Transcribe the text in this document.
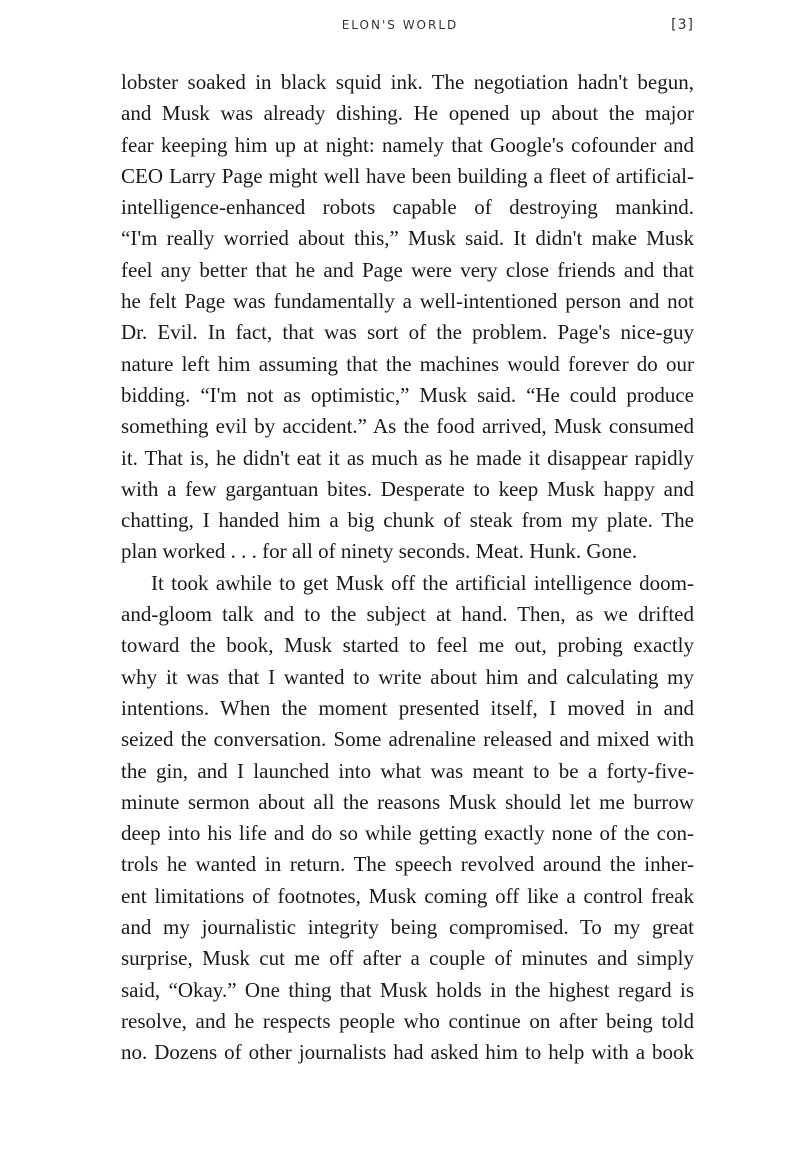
ELON'S WORLD	[3]
lobster soaked in black squid ink. The negotiation hadn't begun,
and Musk was already dishing. He opened up about the major
fear keeping him up at night: namely that Google's cofounder and
CEO Larry Page might well have been building a fleet of artificial-
intelligence-enhanced robots capable of destroying mankind.
“I'm really worried about this,” Musk said. It didn't make Musk
feel any better that he and Page were very close friends and that
he felt Page was fundamentally a well-intentioned person and not
Dr. Evil. In fact, that was sort of the problem. Page's nice-guy
nature left him assuming that the machines would forever do our
bidding. “I'm not as optimistic,” Musk said. “He could produce
something evil by accident.” As the food arrived, Musk consumed
it. That is, he didn't eat it as much as he made it disappear rapidly
with a few gargantuan bites. Desperate to keep Musk happy and
chatting, I handed him a big chunk of steak from my plate. The
plan worked . . . for all of ninety seconds. Meat. Hunk. Gone.
It took awhile to get Musk off the artificial intelligence doom-
and-gloom talk and to the subject at hand. Then, as we drifted
toward the book, Musk started to feel me out, probing exactly
why it was that I wanted to write about him and calculating my
intentions. When the moment presented itself, I moved in and
seized the conversation. Some adrenaline released and mixed with
the gin, and I launched into what was meant to be a forty-five-
minute sermon about all the reasons Musk should let me burrow
deep into his life and do so while getting exactly none of the con-
trols he wanted in return. The speech revolved around the inher-
ent limitations of footnotes, Musk coming off like a control freak
and my journalistic integrity being compromised. To my great
surprise, Musk cut me off after a couple of minutes and simply
said, “Okay.” One thing that Musk holds in the highest regard is
resolve, and he respects people who continue on after being told
no. Dozens of other journalists had asked him to help with a book
